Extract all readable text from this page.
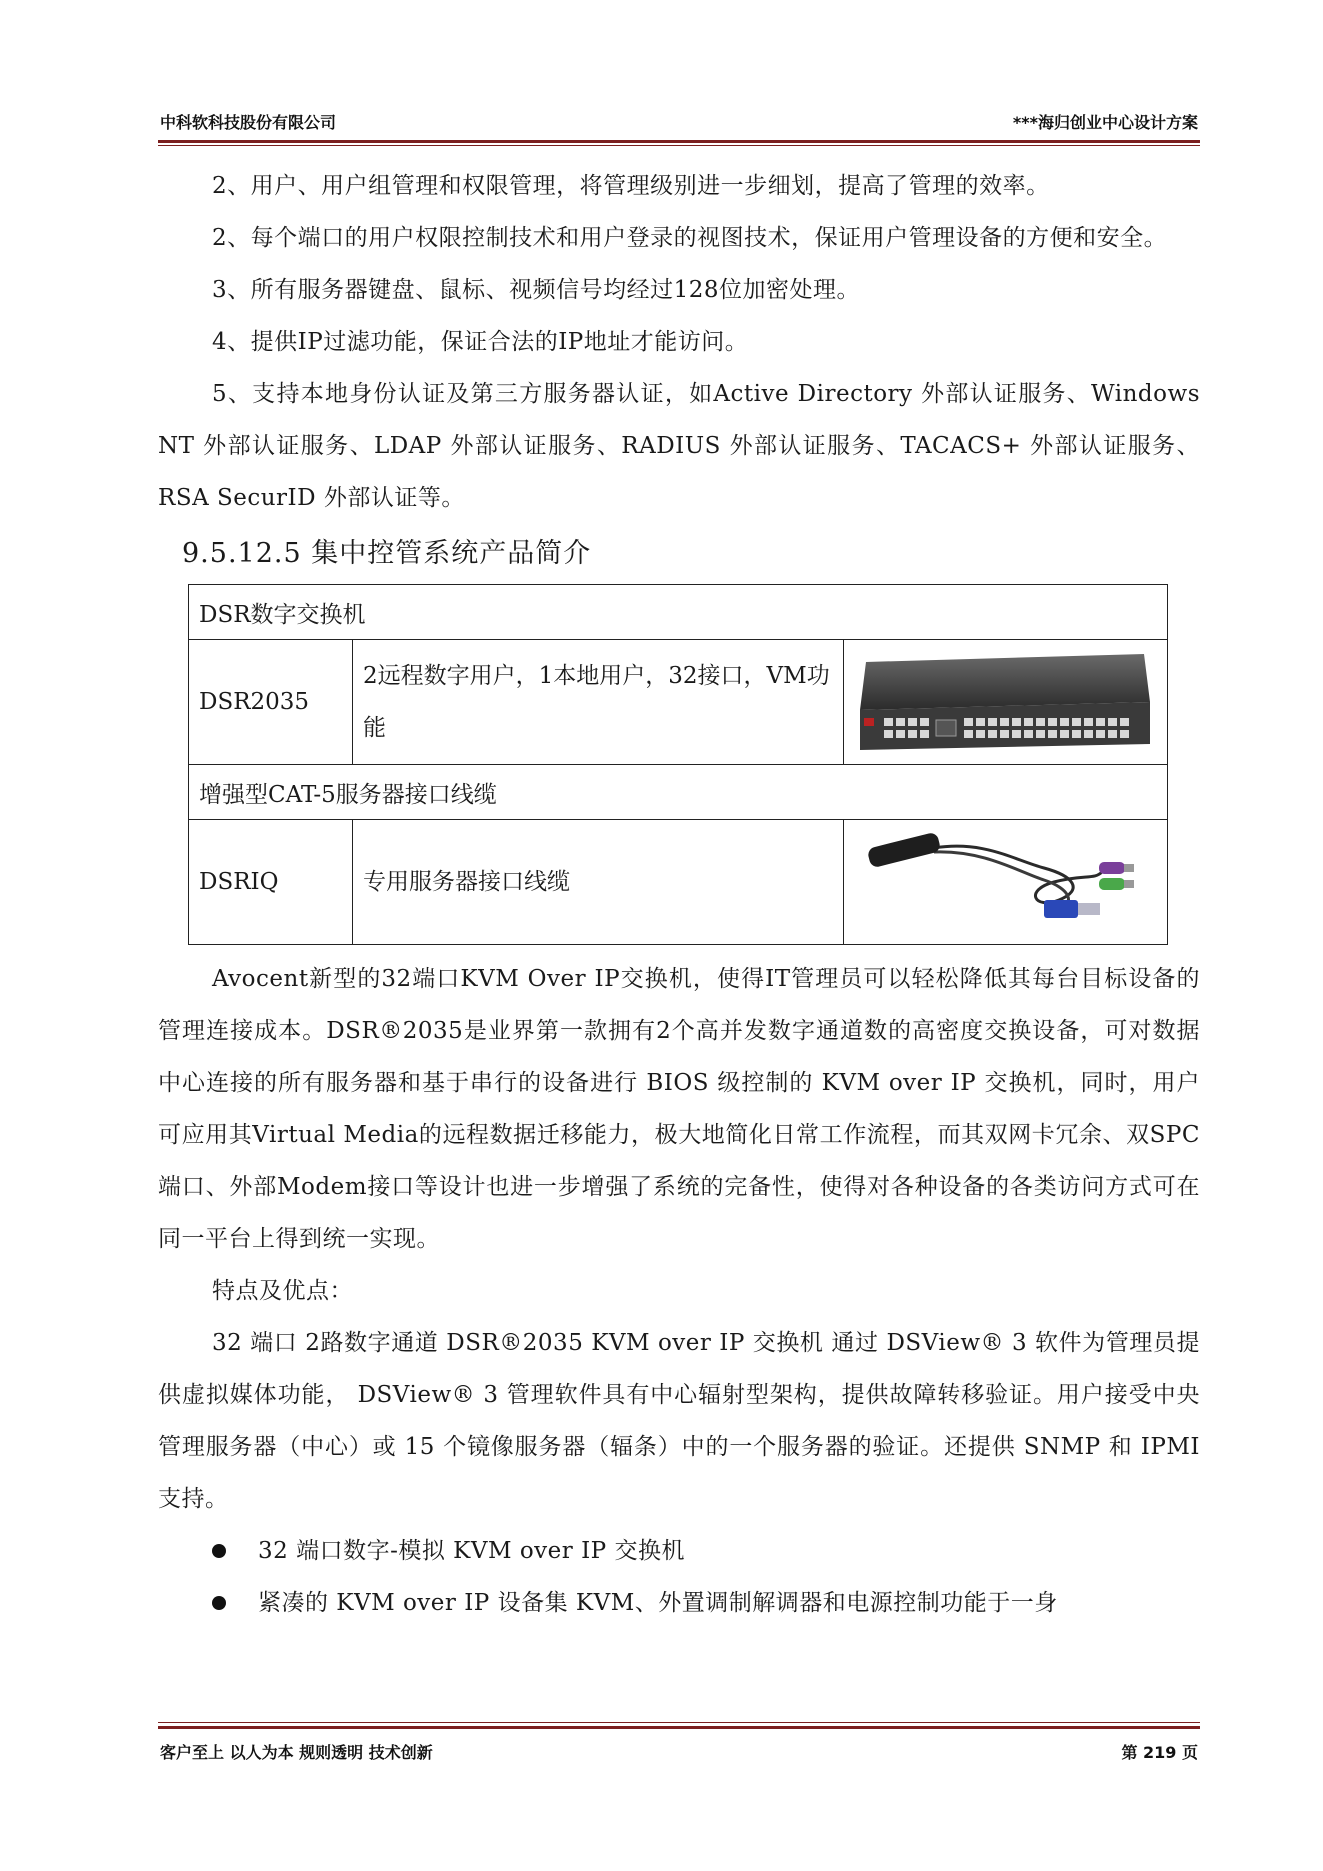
中科软科技股份有限公司	***海归创业中心设计方案

2、用户、用户组管理和权限管理，将管理级别进一步细划，提高了管理的效率。

2、每个端口的用户权限控制技术和用户登录的视图技术，保证用户管理设备的方便和安全。

3、所有服务器键盘、鼠标、视频信号均经过128位加密处理。

4、提供IP过滤功能，保证合法的IP地址才能访问。

5、支持本地身份认证及第三方服务器认证，如Active Directory 外部认证服务、Windows NT 外部认证服务、LDAP 外部认证服务、RADIUS 外部认证服务、TACACS+ 外部认证服务、RSA SecurID 外部认证等。

9.5.12.5 集中控管系统产品简介
DSR数字交换机		
DSR2035	2远程数字用户，1本地用户，32接口，VM功能	
增强型CAT-5服务器接口线缆		
DSRIQ	专用服务器接口线缆	

Avocent新型的32端口KVM Over IP交换机，使得IT管理员可以轻松降低其每台目标设备的管理连接成本。DSR®2035是业界第一款拥有2个高并发数字通道数的高密度交换设备，可对数据中心连接的所有服务器和基于串行的设备进行 BIOS 级控制的 KVM over IP 交换机，同时，用户可应用其Virtual Media的远程数据迁移能力，极大地简化日常工作流程，而其双网卡冗余、双SPC端口、外部Modem接口等设计也进一步增强了系统的完备性，使得对各种设备的各类访问方式可在同一平台上得到统一实现。

特点及优点：

32 端口 2路数字通道 DSR®2035 KVM over IP 交换机 通过 DSView® 3 软件为管理员提供虚拟媒体功能， DSView® 3 管理软件具有中心辐射型架构，提供故障转移验证。用户接受中央管理服务器（中心）或 15 个镜像服务器（辐条）中的一个服务器的验证。还提供 SNMP 和 IPMI 支持。

32 端口数字-模拟 KVM over IP 交换机
紧凑的 KVM over IP 设备集 KVM、外置调制解调器和电源控制功能于一身
客户至上 以人为本 规则透明 技术创新	第 219 页
